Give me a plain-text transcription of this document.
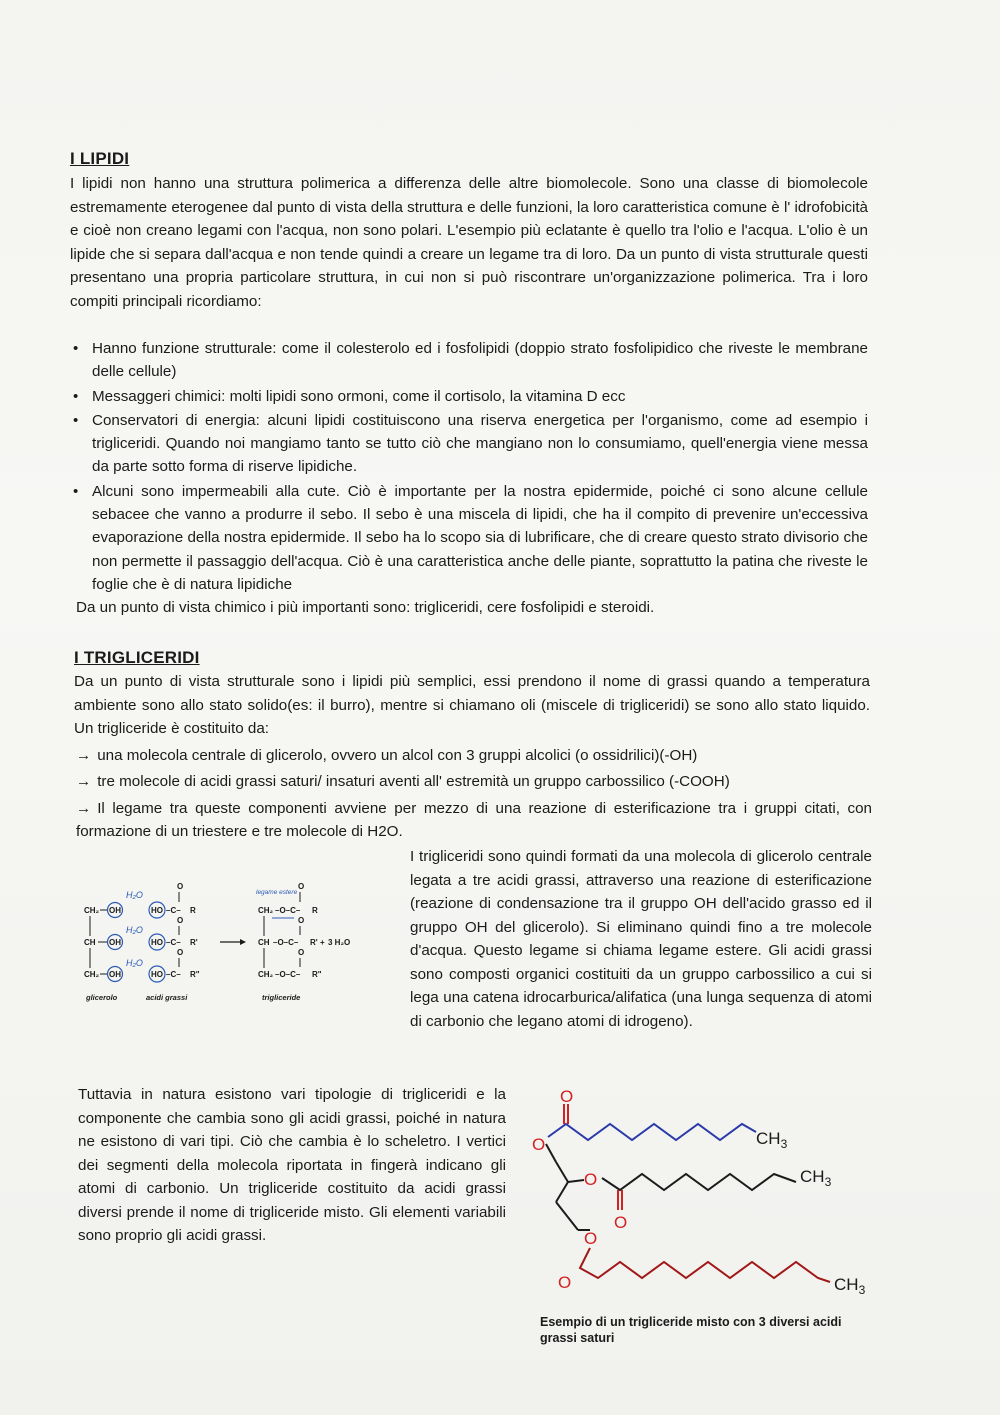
I LIPIDI

I lipidi non hanno una struttura polimerica a differenza delle altre biomolecole. Sono una classe di biomolecole estremamente eterogenee dal punto di vista della struttura e delle funzioni, la loro caratteristica comune è l' idrofobicità e cioè non creano legami con l'acqua, non sono polari. L'esempio più eclatante è quello tra l'olio e l'acqua. L'olio è un lipide che si separa dall'acqua e non tende quindi a creare un legame tra di loro. Da un punto di vista strutturale questi presentano una propria particolare struttura, in cui non si può riscontrare un'organizzazione polimerica. Tra i loro compiti principali ricordiamo:

• Hanno funzione strutturale: come il colesterolo ed i fosfolipidi (doppio strato fosfolipidico che riveste le membrane delle cellule)
• Messaggeri chimici: molti lipidi sono ormoni, come il cortisolo, la vitamina D ecc
• Conservatori di energia: alcuni lipidi costituiscono una riserva energetica per l'organismo, come ad esempio i trigliceridi. Quando noi mangiamo tanto se tutto ciò che mangiano non lo consumiamo, quell'energia viene messa da parte sotto forma di riserve lipidiche.
• Alcuni sono impermeabili alla cute. Ciò è importante per la nostra epidermide, poiché ci sono alcune cellule sebacee che vanno a produrre il sebo. Il sebo è una miscela di lipidi, che ha il compito di prevenire un'eccessiva evaporazione della nostra epidermide. Il sebo ha lo scopo sia di lubrificare, che di creare questo strato divisorio che non permette il passaggio dell'acqua. Ciò è una caratteristica anche delle piante, soprattutto la patina che riveste le foglie che è di natura lipidiche

Da un punto di vista chimico i più importanti sono: trigliceridi, cere fosfolipidi e steroidi.

I TRIGLICERIDI

Da un punto di vista strutturale sono i lipidi più semplici, essi prendono il nome di grassi quando a temperatura ambiente sono allo stato solido(es: il burro), mentre si chiamano oli (miscele di trigliceridi) se sono allo stato liquido. Un trigliceride è costituito da:

→ una molecola centrale di glicerolo, ovvero un alcol con 3 gruppi alcolici (o ossidrilici)(-OH)

→ tre molecole di acidi grassi saturi/ insaturi aventi all' estremità un gruppo carbossilico (-COOH)

→ Il legame tra queste componenti avviene per mezzo di una reazione di esterificazione tra i gruppi citati, con formazione di un triestere e tre molecole di H2O.

I trigliceridi sono quindi formati da una molecola di glicerolo centrale legata a tre acidi grassi, attraverso una reazione di esterificazione (reazione di condensazione tra il gruppo OH dell'acido grasso ed il gruppo OH del glicerolo). Si eliminano quindi fino a tre molecole d'acqua. Questo legame si chiama legame estere. Gli acidi grassi sono composti organici costituiti da un gruppo carbossilico a cui si lega una catena idrocarburica/alifatica (una lunga sequenza di atomi di carbonio che legano atomi di idrogeno).

CH₂
CH
CH₂
OH
OH
OH
H₂O
H₂O
H₂O
HO
HO
HO
–C– R
–C– R'
–C– R"
O
O
O
legame estere
CH₂ –O–C– R
CH –O–C– R'
CH₂ –O–C– R"
O
O
O
3 H₂O
+
glicerolo	acidi grassi	trigliceride

Tuttavia in natura esistono vari tipologie di trigliceridi e la componente che cambia sono gli acidi grassi, poiché in natura ne esistono di vari tipi. Ciò che cambia è lo scheletro. I vertici dei segmenti della molecola riportata in fingerà indicano gli atomi di carbonio. Un trigliceride costituito da acidi grassi diversi prende il nome di trigliceride misto. Gli elementi variabili sono proprio gli acidi grassi.

O
O
O
O
O
O
$CH_3$
$CH_3$
$CH_3$
Esempio di un trigliceride misto con 3 diversi acidi grassi saturi
